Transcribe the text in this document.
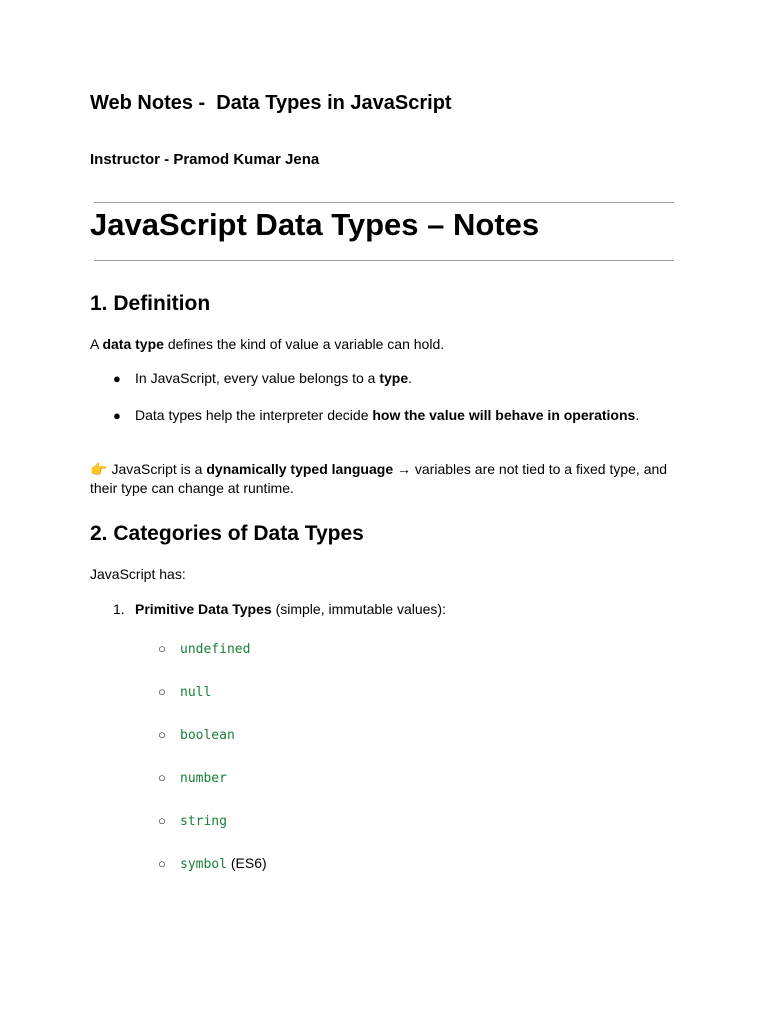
Web Notes -  Data Types in JavaScript
Instructor - Pramod Kumar Jena
JavaScript Data Types – Notes
1. Definition
A data type defines the kind of value a variable can hold.
● In JavaScript, every value belongs to a type.
● Data types help the interpreter decide how the value will behave in operations.
👉 JavaScript is a dynamically typed language → variables are not tied to a fixed type, and their type can change at runtime.
2. Categories of Data Types
JavaScript has:
1. Primitive Data Types (simple, immutable values):
○ undefined
○ null
○ boolean
○ number
○ string
○ symbol (ES6)
